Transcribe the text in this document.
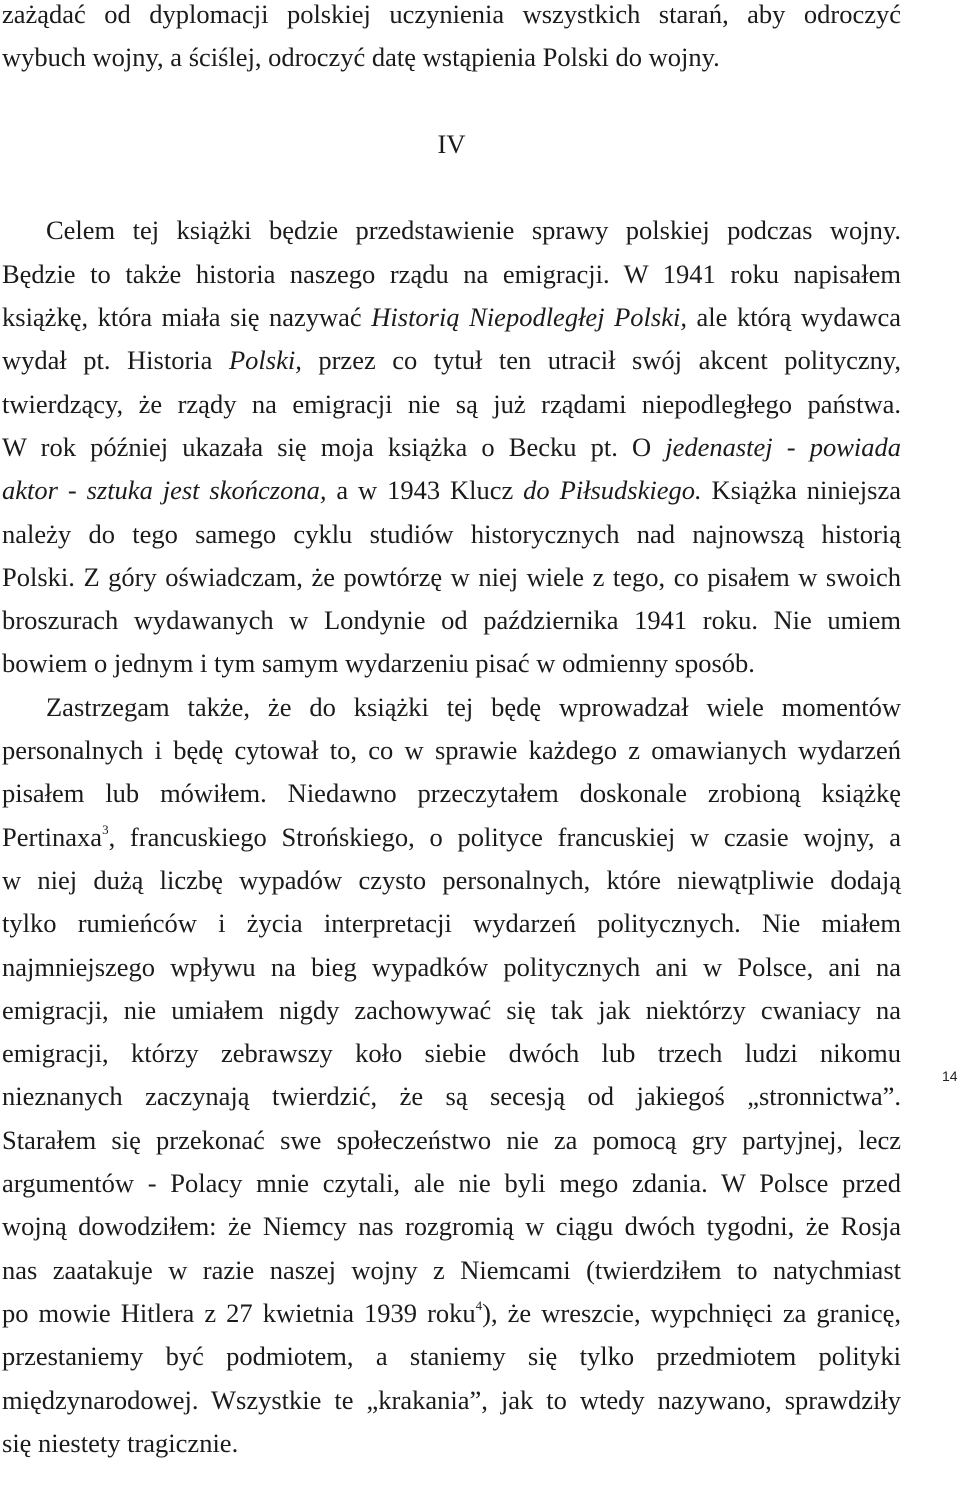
zażądać od dyplomacji polskiej uczynienia wszystkich starań, aby odroczyć
wybuch wojny, a ściślej, odroczyć datę wstąpienia Polski do wojny.
IV
Celem tej książki będzie przedstawienie sprawy polskiej podczas wojny.
Będzie to także historia naszego rządu na emigracji. W 1941 roku napisałem
książkę, która miała się nazywać Historią Niepodległej Polski, ale którą wydawca
wydał pt. Historia Polski, przez co tytuł ten utracił swój akcent polityczny,
twierdzący, że rządy na emigracji nie są już rządami niepodległego państwa.
W rok później ukazała się moja książka o Becku pt. O jedenastej - powiada
aktor - sztuka jest skończona, a w 1943 Klucz do Piłsudskiego. Książka niniejsza
należy do tego samego cyklu studiów historycznych nad najnowszą historią
Polski. Z góry oświadczam, że powtórzę w niej wiele z tego, co pisałem w swoich
broszurach wydawanych w Londynie od października 1941 roku. Nie umiem
bowiem o jednym i tym samym wydarzeniu pisać w odmienny sposób.
Zastrzegam także, że do książki tej będę wprowadzał wiele momentów
personalnych i będę cytował to, co w sprawie każdego z omawianych wydarzeń
pisałem lub mówiłem. Niedawno przeczytałem doskonale zrobioną książkę
Pertinaxa$^3$, francuskiego Strońskiego, o polityce francuskiej w czasie wojny, a
w niej dużą liczbę wypadów czysto personalnych, które niewątpliwie dodają
tylko rumieńców i życia interpretacji wydarzeń politycznych. Nie miałem
najmniejszego wpływu na bieg wypadków politycznych ani w Polsce, ani na
emigracji, nie umiałem nigdy zachowywać się tak jak niektórzy cwaniacy na
emigracji, którzy zebrawszy koło siebie dwóch lub trzech ludzi nikomu
nieznanych zaczynają twierdzić, że są secesją od jakiegoś „stronnictwa”.
Starałem się przekonać swe społeczeństwo nie za pomocą gry partyjnej, lecz
argumentów - Polacy mnie czytali, ale nie byli mego zdania. W Polsce przed
wojną dowodziłem: że Niemcy nas rozgromią w ciągu dwóch tygodni, że Rosja
nas zaatakuje w razie naszej wojny z Niemcami (twierdziłem to natychmiast
po mowie Hitlera z 27 kwietnia 1939 roku$^4$), że wreszcie, wypchnięci za granicę,
przestaniemy być podmiotem, a staniemy się tylko przedmiotem polityki
międzynarodowej. Wszystkie te „krakania”, jak to wtedy nazywano, sprawdziły
się niestety tragicznie.
14
